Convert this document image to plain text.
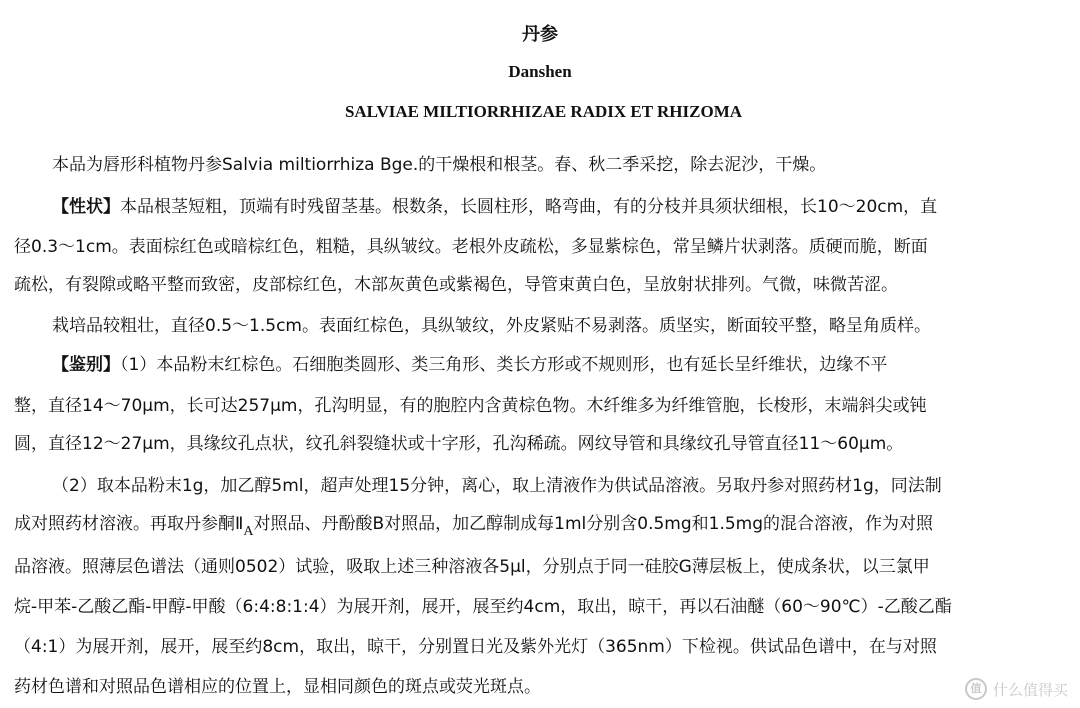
丹参
Danshen
SALVIAE MILTIORRHIZAE RADIX ET RHIZOMA
本品为唇形科植物丹参Salvia miltiorrhiza Bge.的干燥根和根茎。春、秋二季采挖，除去泥沙，干燥。
【性状】本品根茎短粗，顶端有时残留茎基。根数条，长圆柱形，略弯曲，有的分枝并具须状细根，长10～20cm，直
径0.3～1cm。表面棕红色或暗棕红色，粗糙，具纵皱纹。老根外皮疏松，多显紫棕色，常呈鳞片状剥落。质硬而脆，断面
疏松，有裂隙或略平整而致密，皮部棕红色，木部灰黄色或紫褐色，导管束黄白色，呈放射状排列。气微，味微苦涩。
栽培品较粗壮，直径0.5～1.5cm。表面红棕色，具纵皱纹，外皮紧贴不易剥落。质坚实，断面较平整，略呈角质样。
【鉴别】（1）本品粉末红棕色。石细胞类圆形、类三角形、类长方形或不规则形，也有延长呈纤维状，边缘不平
整，直径14～70μm，长可达257μm，孔沟明显，有的胞腔内含黄棕色物。木纤维多为纤维管胞，长梭形，末端斜尖或钝
圆，直径12～27μm，具缘纹孔点状，纹孔斜裂缝状或十字形，孔沟稀疏。网纹导管和具缘纹孔导管直径11～60μm。
（2）取本品粉末1g，加乙醇5ml，超声处理15分钟，离心，取上清液作为供试品溶液。另取丹参对照药材1g，同法制
成对照药材溶液。再取丹参酮$Ⅱ_A$对照品、丹酚酸B对照品，加乙醇制成每1ml分别含0.5mg和1.5mg的混合溶液，作为对照
品溶液。照薄层色谱法（通则0502）试验，吸取上述三种溶液各5μl，分别点于同一硅胶G薄层板上，使成条状，以三氯甲
烷-甲苯-乙酸乙酯-甲醇-甲酸（6:4:8:1:4）为展开剂，展开，展至约4cm，取出，晾干，再以石油醚（60～90℃）-乙酸乙酯
（4:1）为展开剂，展开，展至约8cm，取出，晾干，分别置日光及紫外光灯（365nm）下检视。供试品色谱中，在与对照
药材色谱和对照品色谱相应的位置上，显相同颜色的斑点或荧光斑点。	值 什么值得买
